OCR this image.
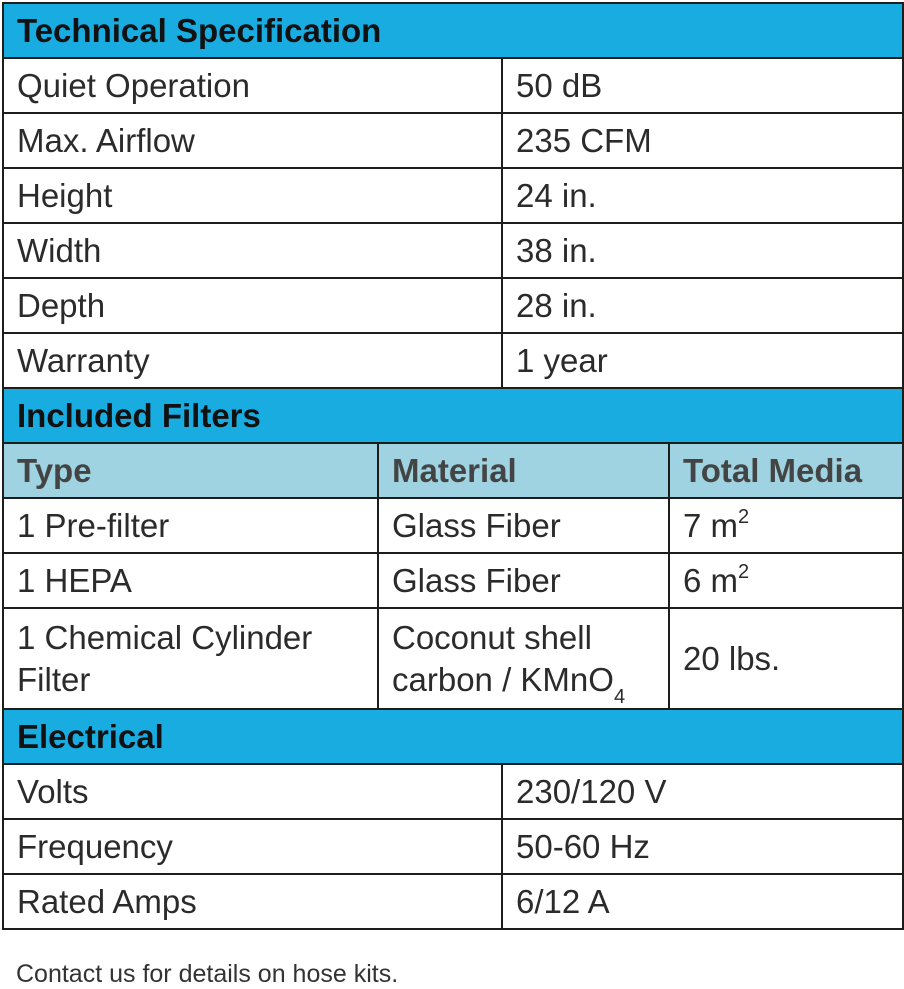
Technical Specification			
Quiet Operation		50 dB	
Max. Airflow		235 CFM	
Height		24 in.	
Width		38 in.	
Depth		28 in.	
Warranty		1 year	
Included Filters			
Type	Material		Total Media
1 Pre-filter	Glass Fiber		7 $m^2$
1 HEPA	Glass Fiber		6 $m^2$
1 Chemical Cylinder Filter	Coconut shell carbon / KMnO$_4$		20 lbs.
Electrical			
Volts		230/120 V	
Frequency		50-60 Hz	
Rated Amps		6/12 A	
Contact us for details on hose kits.
